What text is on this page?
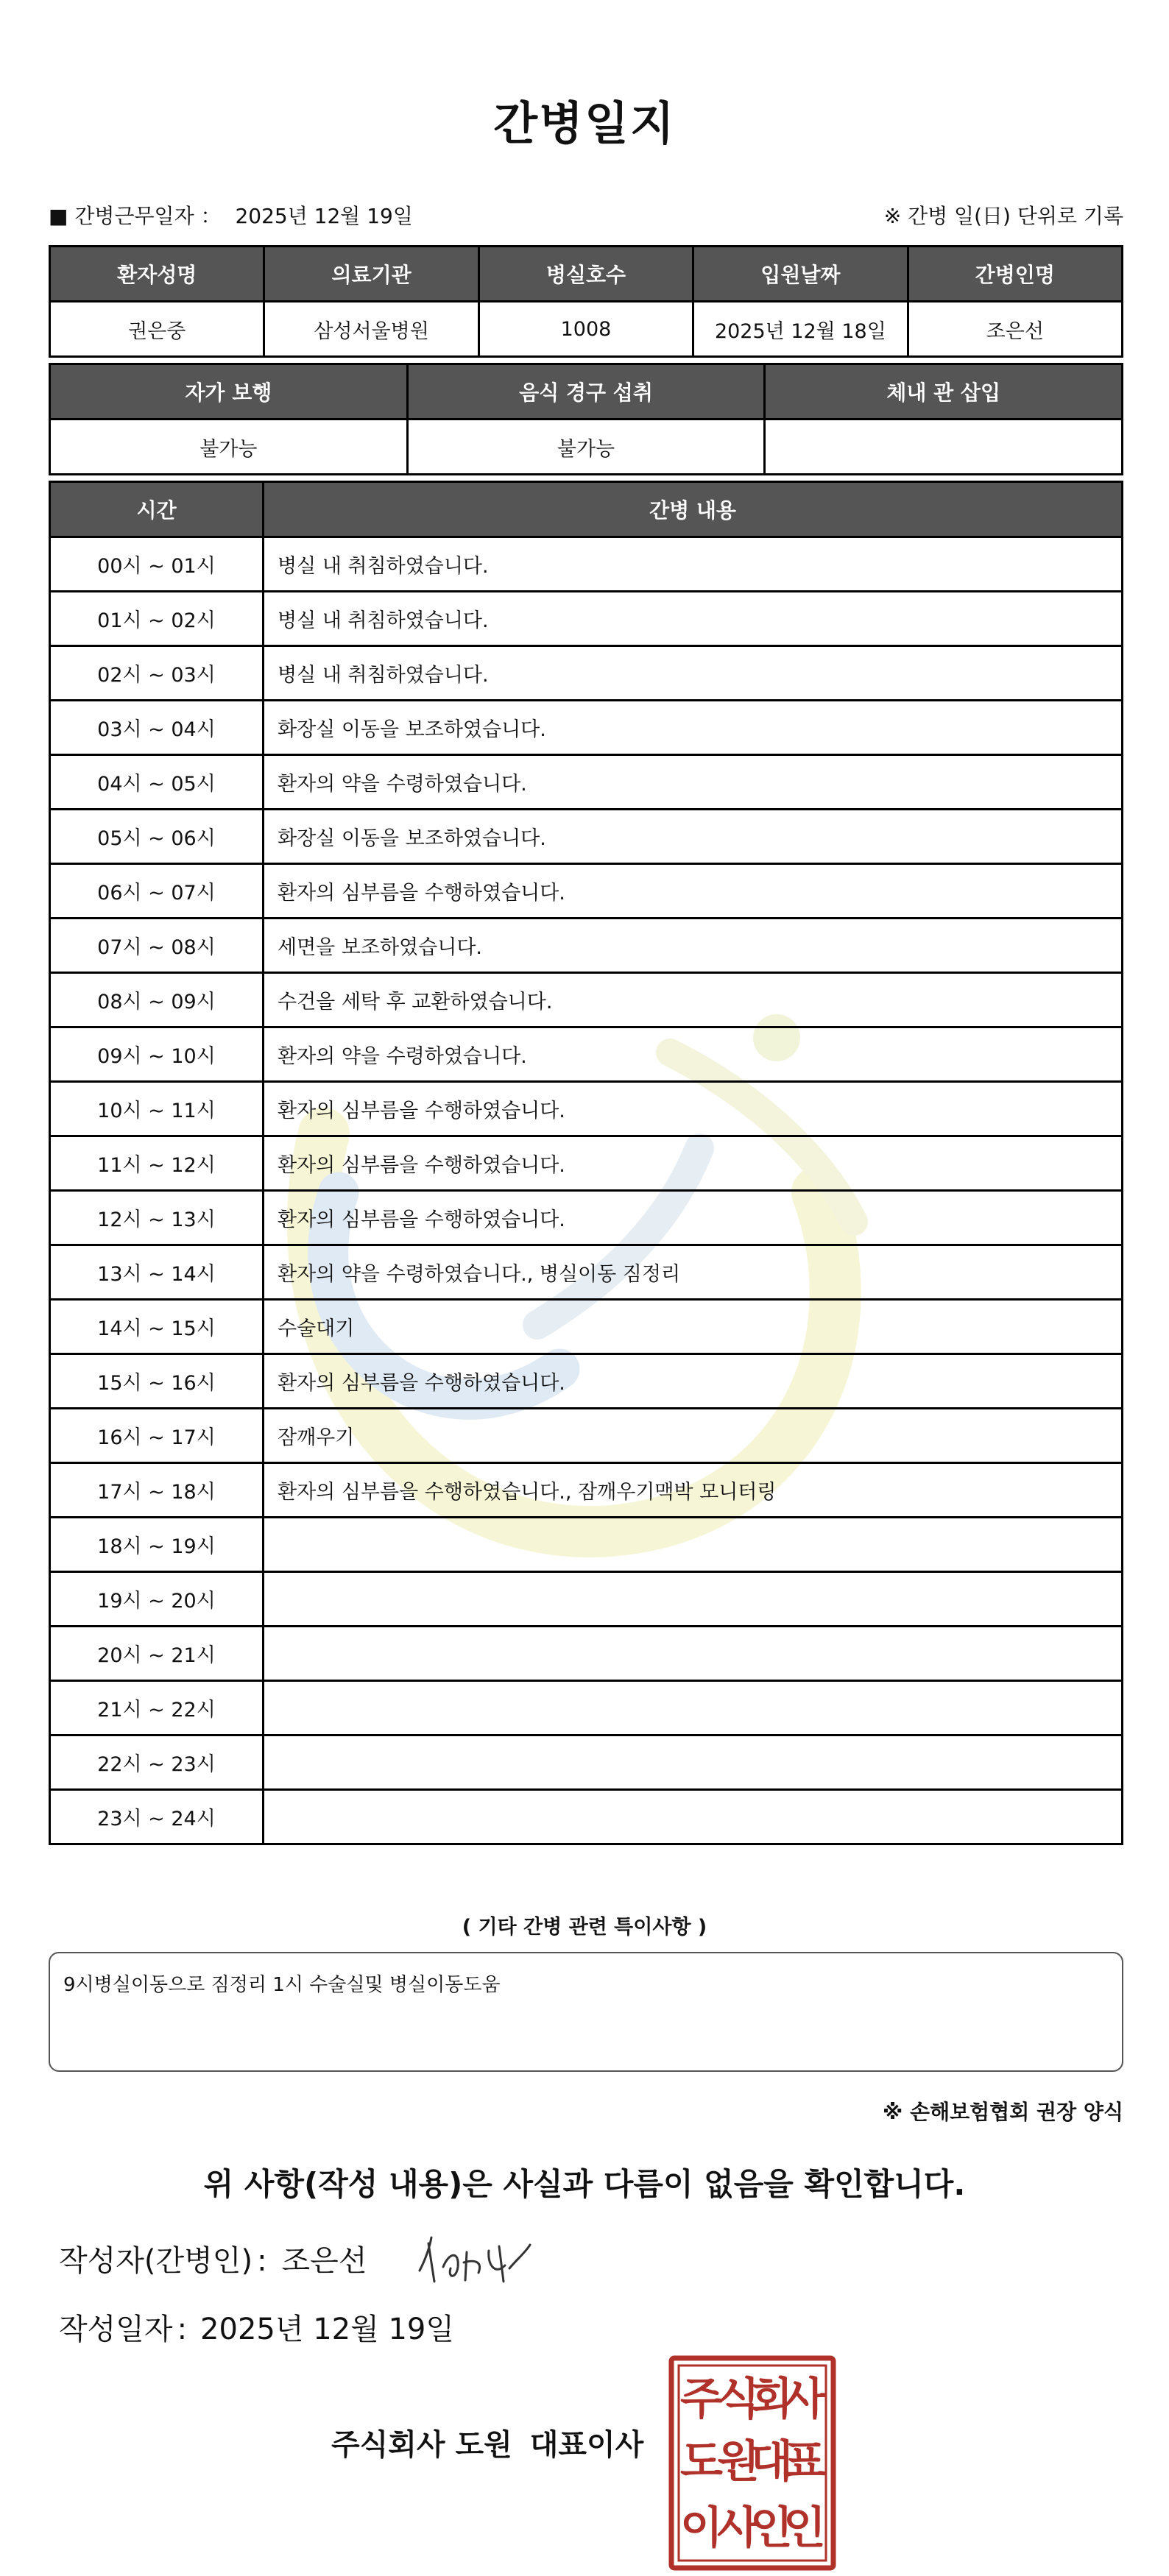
간병일지
■ 간병근무일자 ： 2025년 12월 19일	※ 간병 일(日) 단위로 기록
환자성명	의료기관	병실호수	입원날짜	간병인명
권은중	삼성서울병원	1008	2025년 12월 18일	조은선
자가 보행	음식 경구 섭취	체내 관 삽입
불가능	불가능	
시간	간병 내용
00시 ~ 01시	병실 내 취침하였습니다.
01시 ~ 02시	병실 내 취침하였습니다.
02시 ~ 03시	병실 내 취침하였습니다.
03시 ~ 04시	화장실 이동을 보조하였습니다.
04시 ~ 05시	환자의 약을 수령하였습니다.
05시 ~ 06시	화장실 이동을 보조하였습니다.
06시 ~ 07시	환자의 심부름을 수행하였습니다.
07시 ~ 08시	세면을 보조하였습니다.
08시 ~ 09시	수건을 세탁 후 교환하였습니다.
09시 ~ 10시	환자의 약을 수령하였습니다.
10시 ~ 11시	환자의 심부름을 수행하였습니다.
11시 ~ 12시	환자의 심부름을 수행하였습니다.
12시 ~ 13시	환자의 심부름을 수행하였습니다.
13시 ~ 14시	환자의 약을 수령하였습니다., 병실이동 짐정리
14시 ~ 15시	수술대기
15시 ~ 16시	환자의 심부름을 수행하였습니다.
16시 ~ 17시	잠깨우기
17시 ~ 18시	환자의 심부름을 수행하였습니다., 잠깨우기맥박 모니터링
18시 ~ 19시	
19시 ~ 20시	
20시 ~ 21시	
21시 ~ 22시	
22시 ~ 23시	
23시 ~ 24시	
( 기타 간병 관련 특이사항 )
9시병실이동으로 짐정리 1시 수술실및 병실이동도움
※ 손해보험협회 권장 양식
위 사항(작성 내용)은 사실과 다름이 없음을 확인합니다.
작성자(간병인) : 조은선
작성일자 : 2025년 12월 19일
주식회사 도원 대표이사
주
식
회
사
도
원
대
표
이
사
인
인
